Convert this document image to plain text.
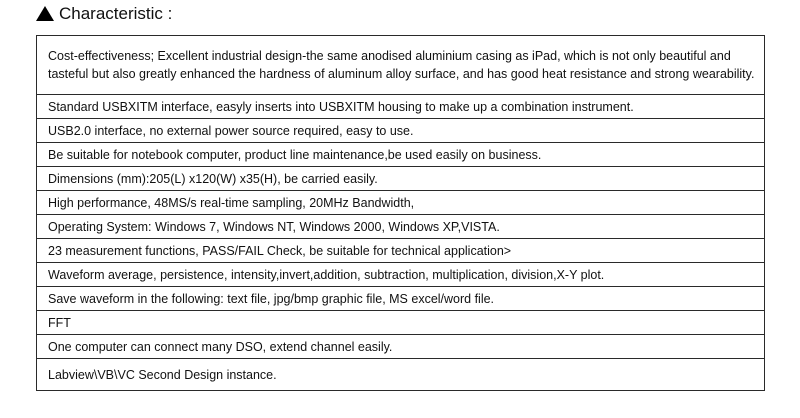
Characteristic :
Cost-effectiveness; Excellent industrial design-the same anodised aluminium casing as iPad, which is not only beautiful and tasteful but also greatly enhanced the hardness of aluminum alloy surface, and has good heat resistance and strong wearability.
Standard USBXITM interface, easyly inserts into USBXITM housing to make up a combination instrument.
USB2.0 interface, no external power source required, easy to use.
Be suitable for notebook computer, product line maintenance,be used easily on business.
Dimensions (mm):205(L) x120(W) x35(H), be carried easily.
High performance, 48MS/s real-time sampling, 20MHz Bandwidth,
Operating System: Windows 7, Windows NT, Windows 2000, Windows XP,VISTA.
23 measurement functions, PASS/FAIL Check, be suitable for technical application>
Waveform average, persistence, intensity,invert,addition, subtraction, multiplication, division,X-Y plot.
Save waveform in the following: text file, jpg/bmp graphic file, MS excel/word file.
FFT
One computer can connect many DSO, extend channel easily.
Labview\VB\VC Second Design instance.
